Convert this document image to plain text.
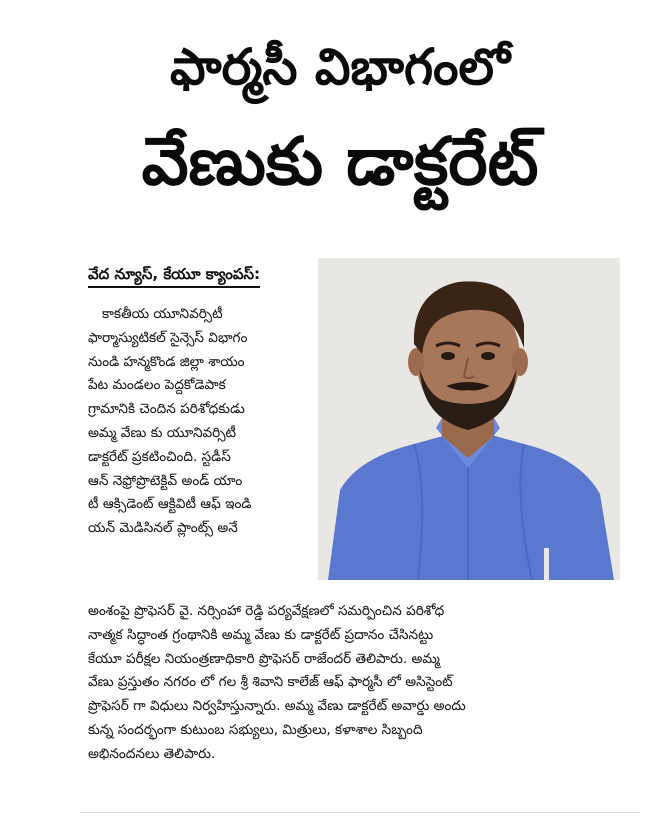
ఫార్మసీ విభాగంలో
వేణుకు డాక్టరేట్
వేద న్యూస్, కేయూ క్యాంపస్:
కాకతీయ యూనివర్సిటీ
ఫార్మాస్యుటికల్ సైన్సెస్ విభాగం
నుండి హన్మకొండ జిల్లా శాయం
పేట మండలం పెద్దకోడెపాక
గ్రామానికి చెందిన పరిశోధకుడు
అమ్మ వేణు కు యూనివర్సిటీ
డాక్టరేట్ ప్రకటించింది. స్టడీస్
ఆన్ నెఫ్రోప్రొటెక్టివ్ అండ్ యాం
టీ ఆక్సిడెంట్ ఆక్టివిటీ ఆఫ్ ఇండి
యన్ మెడిసినల్ ప్లాంట్స్ అనే
అంశంపై ప్రొఫెసర్ వై. నర్సింహా రెడ్డి పర్యవేక్షణలో సమర్పించిన పరిశోధ
నాత్మక సిద్ధాంత గ్రంథానికి అమ్మ వేణు కు డాక్టరేట్ ప్రదానం చేసినట్టు
కేయూ పరీక్షల నియంత్రణాధికారి ప్రొఫెసర్ రాజేందర్ తెలిపారు. అమ్మ
వేణు ప్రస్తుతం నగరం లో గల శ్రీ శివాని కాలేజ్ ఆఫ్ ఫార్మసీ లో అసిస్టెంట్
ప్రొఫెసర్ గా విధులు నిర్వహిస్తున్నారు. అమ్మ వేణు డాక్టరేట్ అవార్డు అందు
కున్న సందర్భంగా కుటుంబ సభ్యులు, మిత్రులు, కళాశాల సిబ్బంది
అభినందనలు తెలిపారు.
